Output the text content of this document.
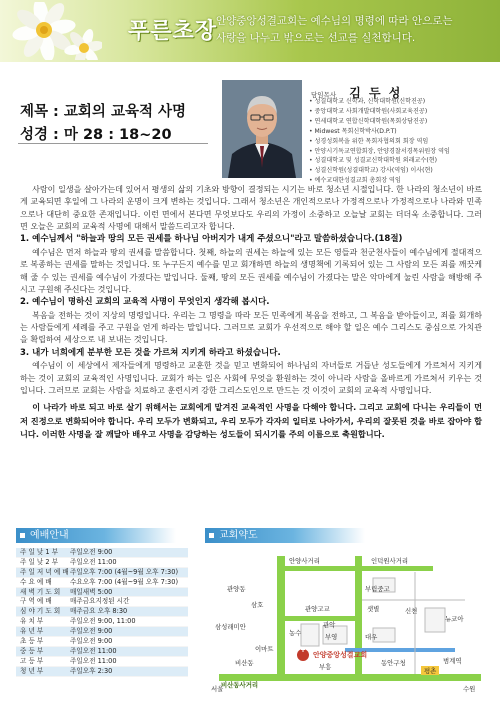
푸른초장
안양중앙성결교회는 예수님의 명령에 따라 안으로는
사랑을 나누고 밖으로는 선교를 실천합니다.
제목 : 교회의 교육적 사명
성경 : 마 28 : 18~20
담임목사 김 두 성
• 성결대학교 신학과, 신학대학원(신학진공)
• 중앙대학교 사회개발대학원(사회교육진공)
• 연세대학교 연합신학대학원(목회상담진공)
• Midwest 목회신학박사(D.P.T)
• 성경성회복을 위한 목회자협의회 회장 역임
• 안양시기독교연합회장, 안양경찰서경목위원장 역임
• 성결대학교 및 성결교신학대학원 외래교수(현)
• 성결신학원(성결대학교) 강사(역임) 이사(현)
• 예수교대한성결교회 총회장 역임

사람이 일생을 살아가는데 있어서 평생의 삶의 기초와 방향이 결정되는 시기는 바로 청소년 시절입니다. 한 나라의 청소년이 바르게 교육되면 후일에 그 나라의 운명이 크게 변하는 것입니다. 그래서 청소년은 개인적으로나 가정적으로나 가정적으로나 나라와 민족으로나 대단히 중요한 존재입니다. 이런 면에서 본다면 무엇보다도 우리의 가정이 소중하고 오늘날 교회는 더더욱 소중합니다. 그러면 오늘은 교회의 교육적 사명에 대해서 말씀드리고자 합니다.

1. 예수님께서 "하늘과 땅의 모든 권세를 하나님 아버지가 내게 주셨으니"라고 말씀하셨습니다.(18절)

예수님은 먼저 하늘과 땅의 권세를 말씀합니다. 첫째, 하늘의 권세는 하늘에 있는 모든 영들과 천군천사들이 예수님에게 절대적으로 복종하는 권세를 말하는 것입니다. 또 누구든지 예수를 믿고 회개하면 하늘의 생명책에 기록되어 있는 그 사람의 모든 죄를 깨끗케 해 줄 수 있는 권세를 예수님이 가졌다는 말입니다. 둘째, 땅의 모든 권세를 예수님이 가졌다는 말은 악마에게 눌린 사람을 해방해 주시고 구원해 주신다는 것입니다.

2. 예수님이 명하신 교회의 교육적 사명이 무엇인지 생각해 봅시다.

복음을 전하는 것이 지상의 명령입니다. 우리는 그 명령을 따라 모든 민족에게 복음을 전하고, 그 복음을 받아들이고, 죄를 회개하는 사람들에게 세례를 주고 구원을 얻게 하라는 말입니다. 그러므로 교회가 우선적으로 해야 할 일은 예수 그리스도 중심으로 가치관을 확립하여 세상으로 내 보내는 것입니다.

3. 내가 너희에게 분부한 모든 것을 가르쳐 지키게 하라고 하셨습니다.

예수님이 이 세상에서 제자들에게 명령하고 교훈한 것을 믿고 변화되어 하나님의 자녀들로 거듭난 성도들에게 가르쳐서 지키게 하는 것이 교회의 교육적인 사명입니다. 교회가 하는 일은 사회에 무엇을 환원하는 것이 아니라 사람을 올바르게 가르쳐서 키우는 것입니다. 그러므로 교회는 사람을 치료하고 훈련시켜 강한 그리스도인으로 만드는 것 이것이 교회의 교육적 사명입니다.

이 나라가 바로 되고 바로 살기 위해서는 교회에게 맡겨진 교육적인 사명을 다해야 합니다. 그리고 교회에 다니는 우리들이 먼저 진정으로 변화되어야 합니다. 우리 모두가 변화되고, 우리 모두가 각자의 일터로 나아가서, 우리의 잘못된 것을 바로 잡아야 합니다. 이러한 사명을 잘 깨달아 배우고 사명을 감당하는 성도들이 되시기를 주의 이름으로 축원합니다.

예배안내
주 일 낮 1 부	주일오전 9:00
주 일 낮 2 부	주일오전 11:00
주 일 저 녁 예 배 주일오후 7:00 (4월~9월 오후 7:30)
수 요 예 배	수요오후 7:00 (4월~9월 오후 7:30)
새 벽 기 도 회	매일새벽 5:00
구 역 예 배	매주금요지정된 시간
심 야 기 도 회	매주금요 오후 8:30
유 치 부	주일오전 9:00, 11:00
유 년 부	주일오전 9:00
초 등 부	주일오전 9:00
중 등 부	주일오전 11:00
고 등 부	주일오전 11:00
청 년 부	주일오후 2:30
교회약도
안양사거리
관양동	부림중고
삼호	샛별	신천
관양고교
삼성래미안
농수
관악
부영	대우
뉴코아
비산동
이마트
안양중앙성결교회
부흥
범계역
서울	수원
평촌
비산동사거리
인덕원사거리
동안구청
